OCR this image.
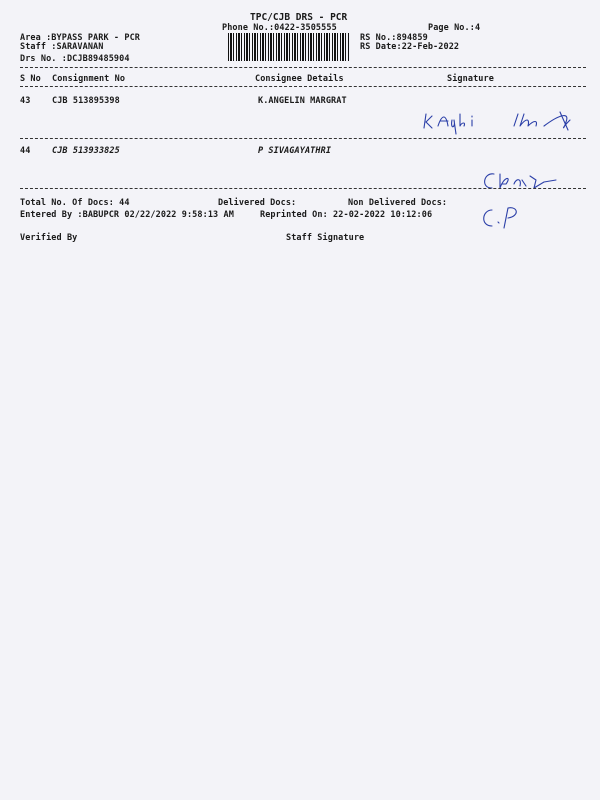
TPC/CJB DRS - PCR
Phone No.:0422-3505555	Page No.:4
Area :BYPASS PARK - PCR
Staff :SARAVANAN
Drs No. :DCJB89485904
RS No.:894859
RS Date:22-Feb-2022
S No Consignment No	Consignee Details	Signature
43	CJB 513895398	K.ANGELIN MARGRAT
44	CJB 513933825	P SIVAGAYATHRI
Total No. Of Docs: 44	Delivered Docs:	Non Delivered Docs:
Entered By :BABUPCR 02/22/2022 9:58:13 AM	Reprinted On: 22-02-2022 10:12:06
Verified By	Staff Signature
